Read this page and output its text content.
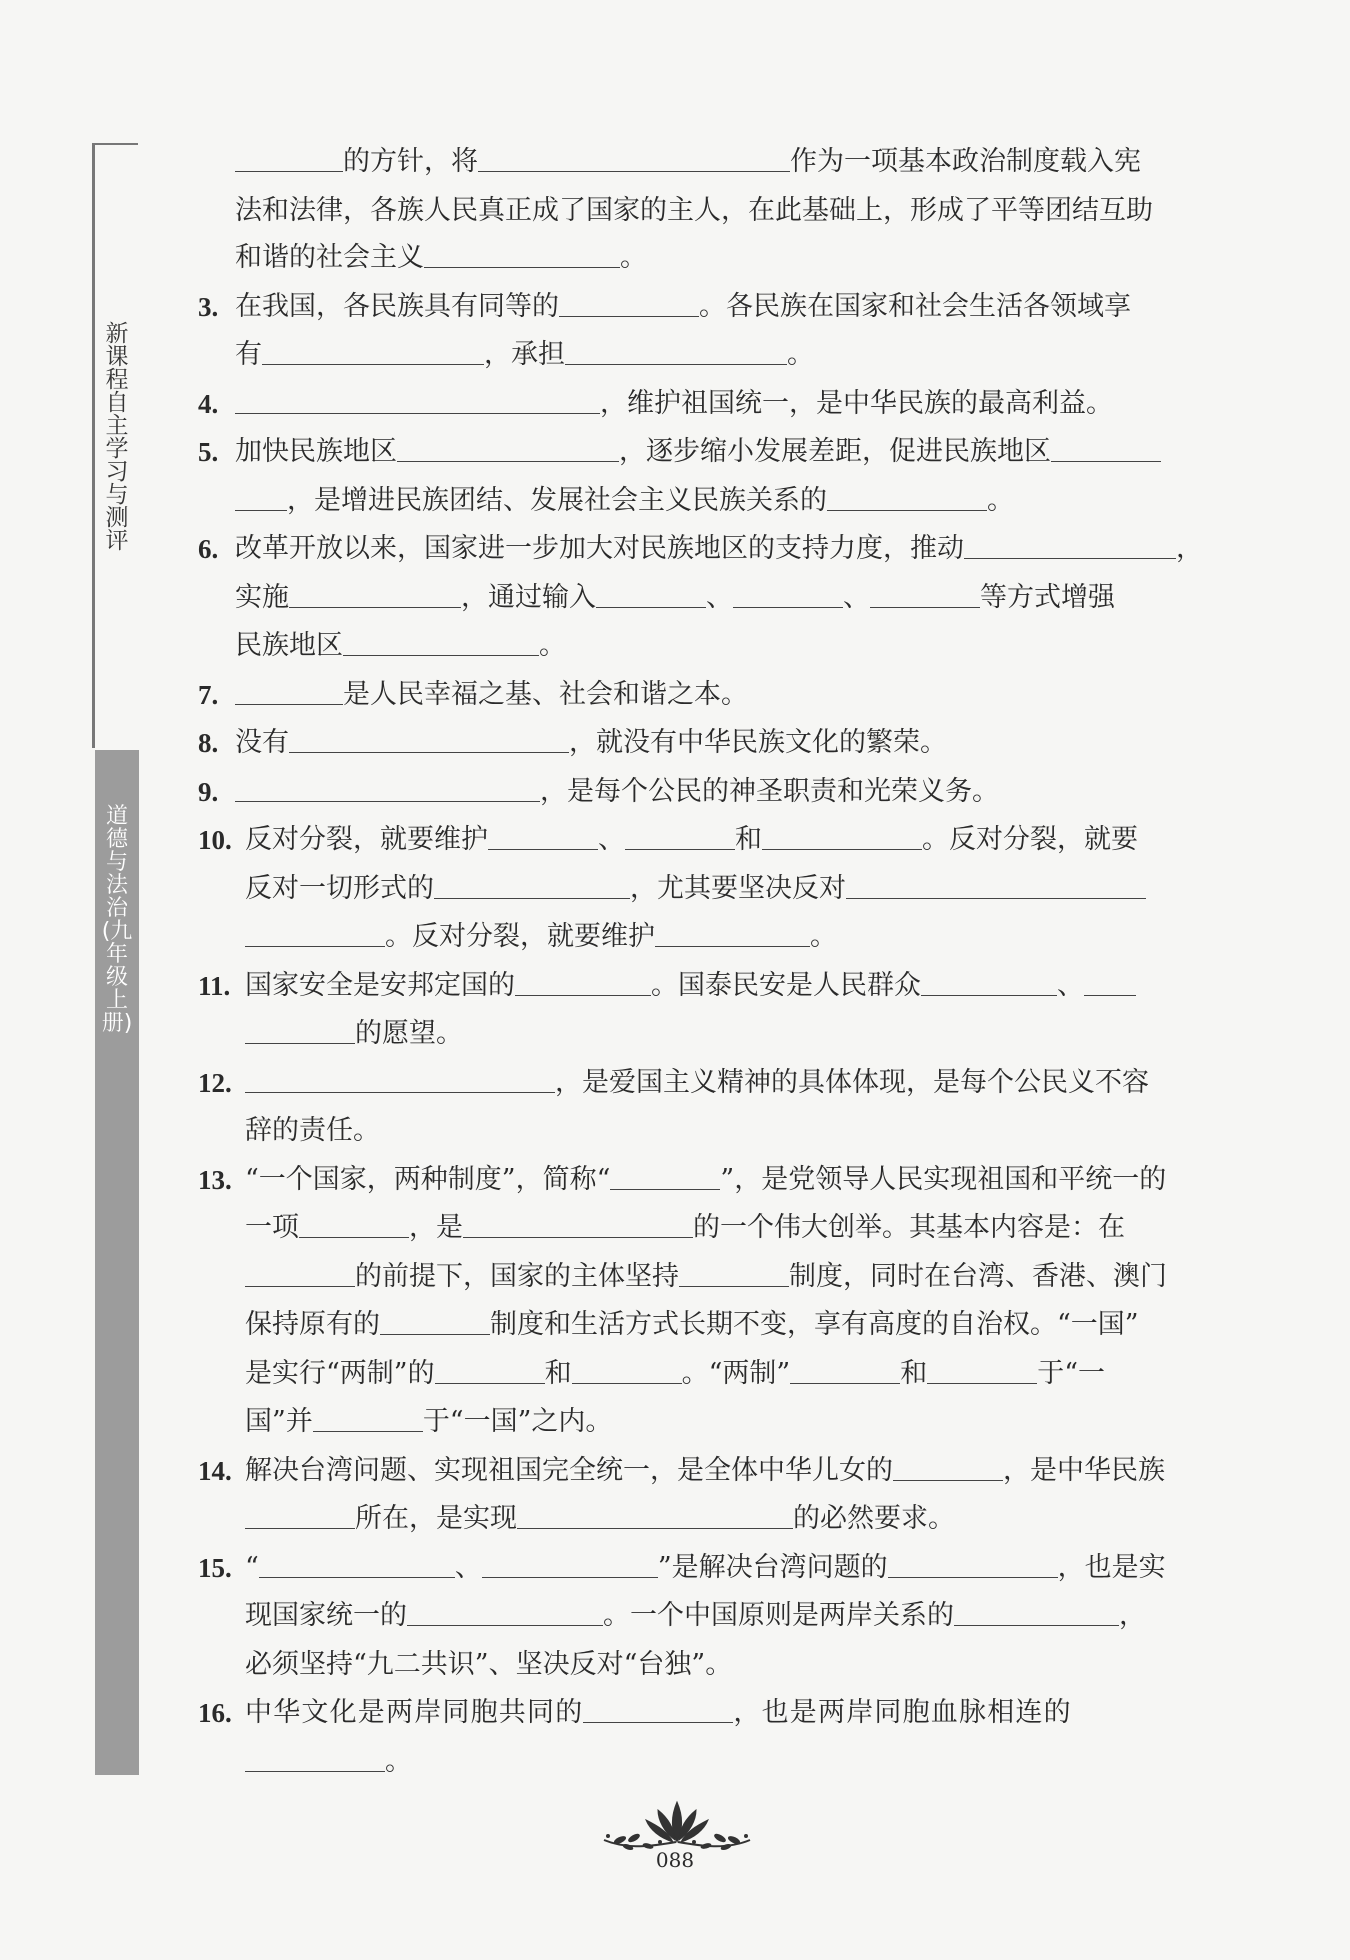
新课程自主学习与测评
道德与法治(九年级上册)
的方针，将	作为一项基本政治制度载入宪
法和法律，各族人民真正成了国家的主人，在此基础上，形成了平等团结互助
和谐的社会主义	。
3. 在我国，各民族具有同等的	。各民族在国家和社会生活各领域享
有	，承担	。
4.	，维护祖国统一，是中华民族的最高利益。
5. 加快民族地区	，逐步缩小发展差距，促进民族地区
，是增进民族团结、发展社会主义民族关系的	。
6. 改革开放以来，国家进一步加大对民族地区的支持力度，推动	，
实施	，通过输入	、	、	等方式增强
民族地区	。
7.	是人民幸福之基、社会和谐之本。
8. 没有	，就没有中华民族文化的繁荣。
9.	，是每个公民的神圣职责和光荣义务。
10. 反对分裂，就要维护	、	和	。反对分裂，就要
反对一切形式的	，尤其要坚决反对
。反对分裂，就要维护	。
11. 国家安全是安邦定国的	。国泰民安是人民群众	、
的愿望。
12.	，是爱国主义精神的具体体现，是每个公民义不容
辞的责任。
13. “一个国家，两种制度”，简称“	”，是党领导人民实现祖国和平统一的
一项	，是	的一个伟大创举。其基本内容是：在
的前提下，国家的主体坚持	制度，同时在台湾、香港、澳门
保持原有的	制度和生活方式长期不变，享有高度的自治权。“一国”
是实行“两制”的	和	。“两制”	和	于“一
国”并	于“一国”之内。
14. 解决台湾问题、实现祖国完全统一，是全体中华儿女的	，是中华民族
所在，是实现	的必然要求。
15. “	、	”是解决台湾问题的	，也是实
现国家统一的	。一个中国原则是两岸关系的	，
必须坚持“九二共识”、坚决反对“台独”。
16. 中华文化是两岸同胞共同的	，也是两岸同胞血脉相连的
。
088
